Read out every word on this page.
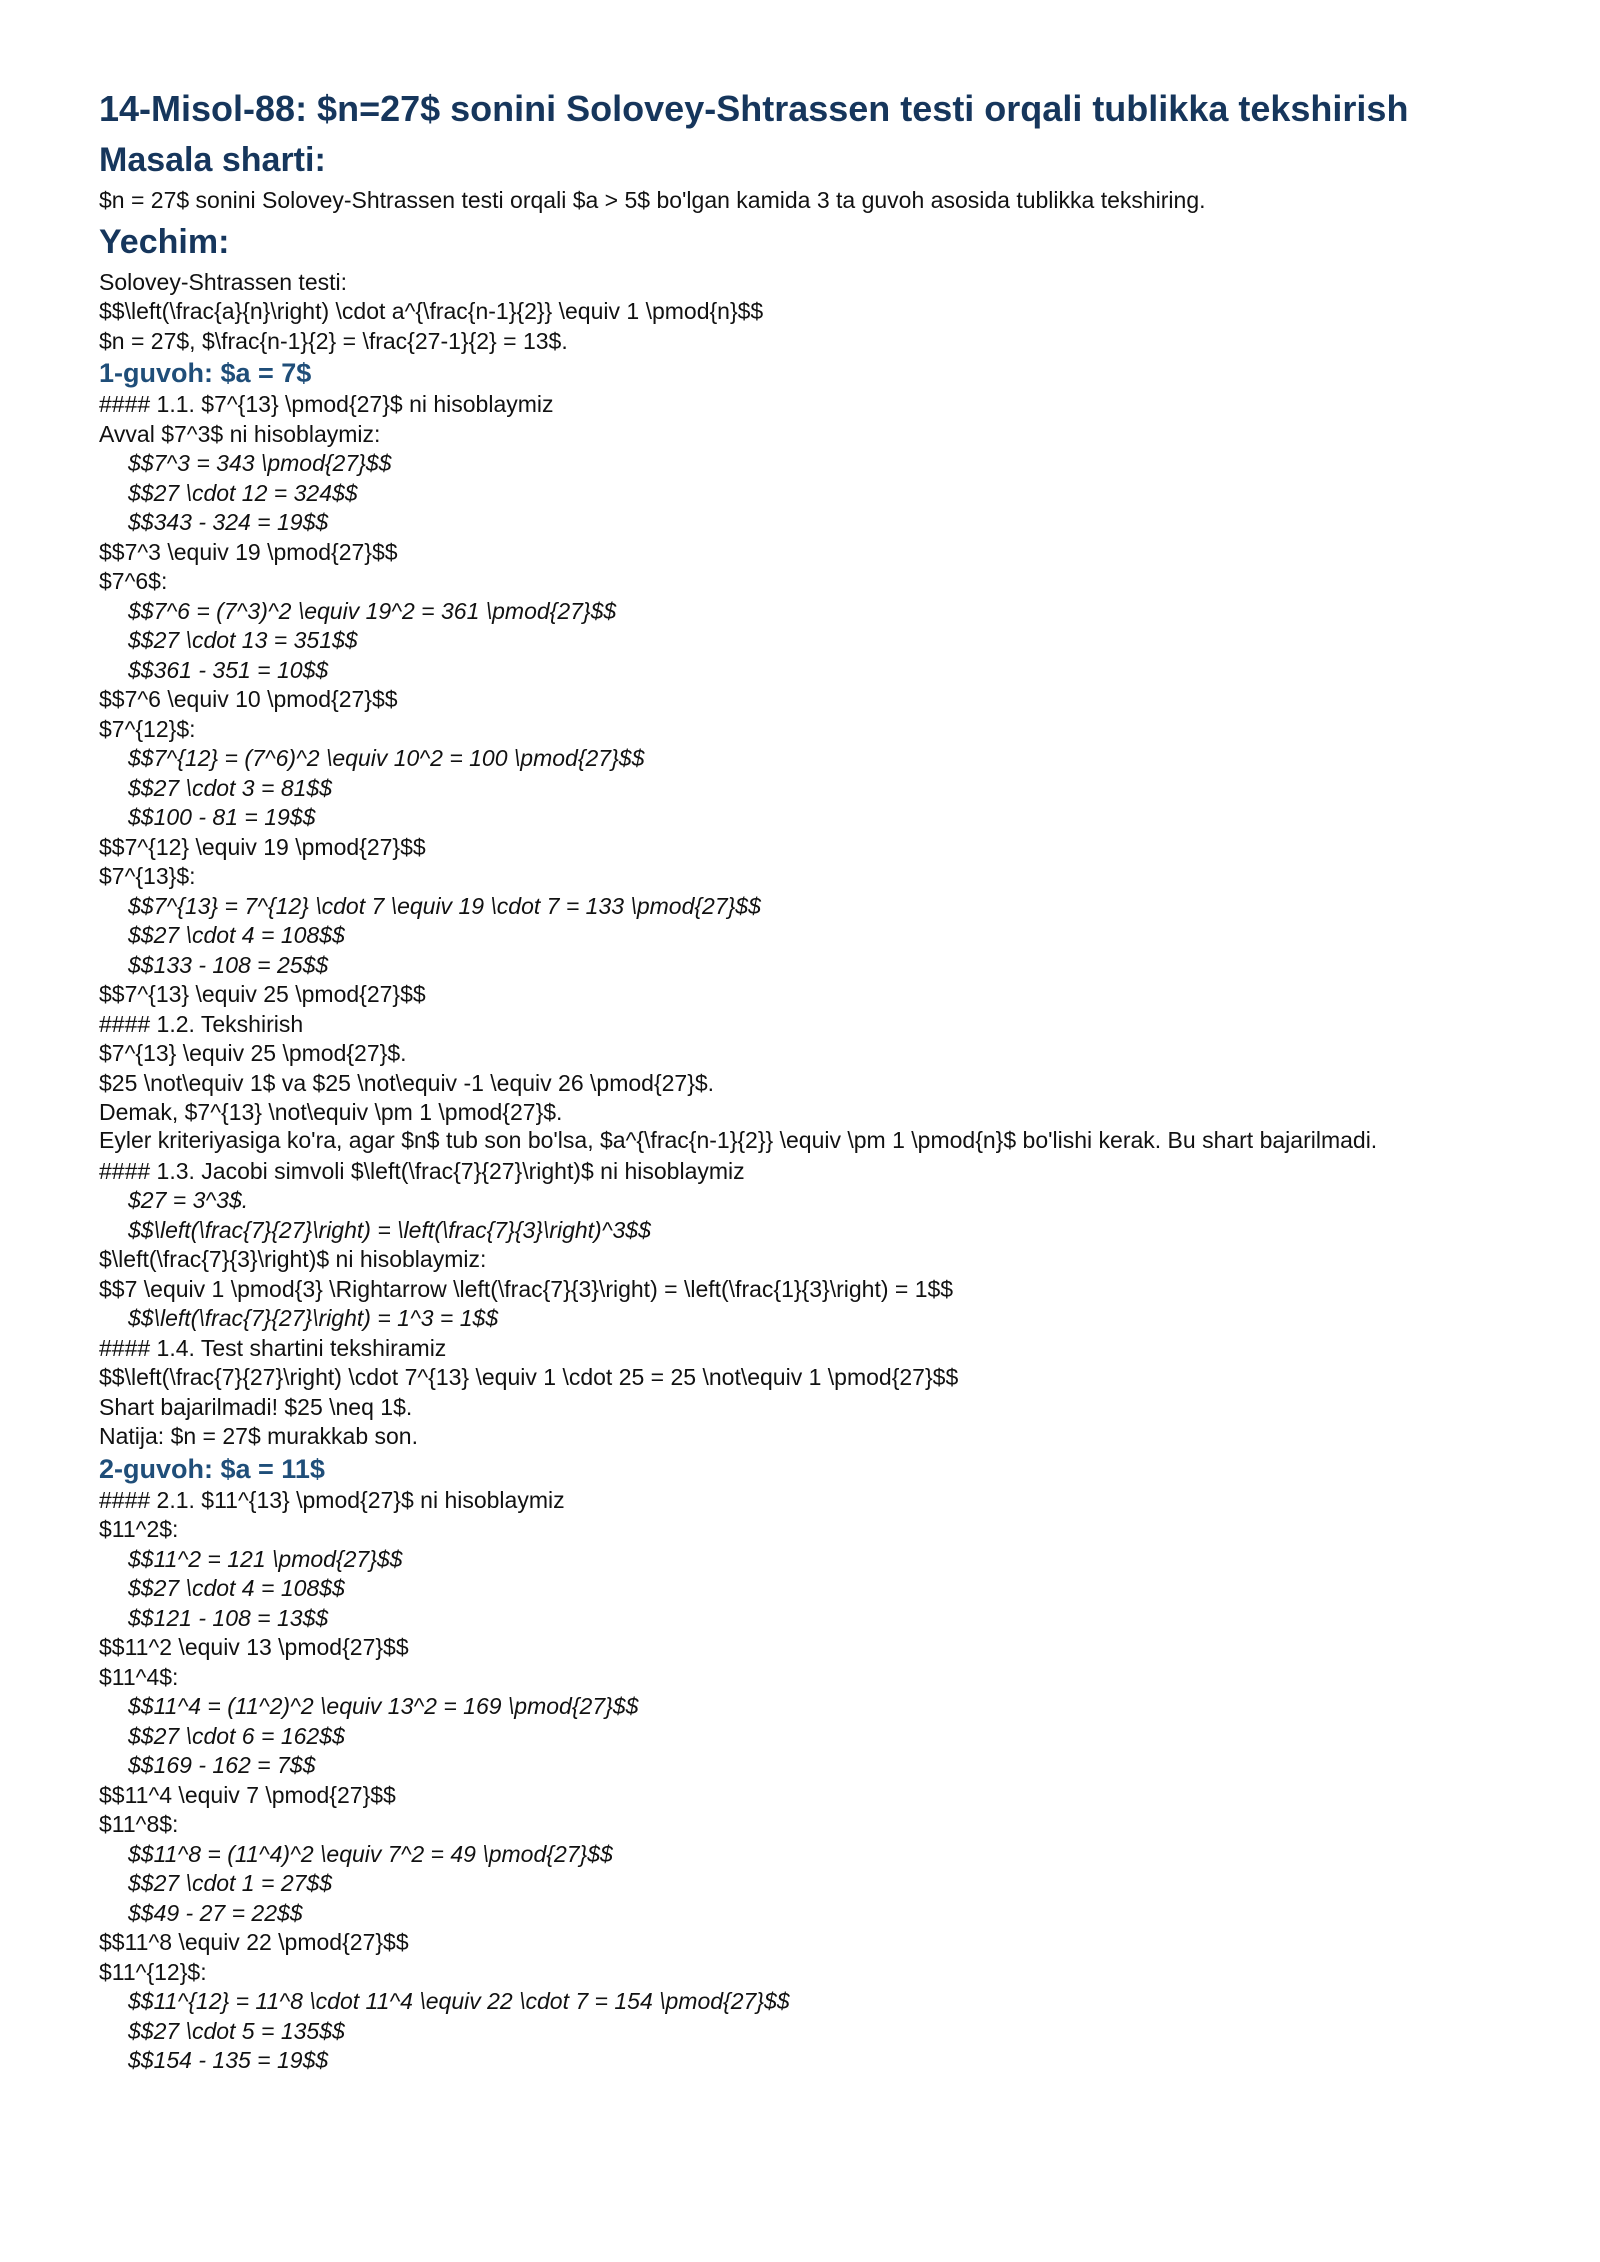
14-Misol-88: $n=27$ sonini Solovey-Shtrassen testi orqali tublikka tekshirish
Masala sharti:
$n = 27$ sonini Solovey-Shtrassen testi orqali $a > 5$ bo'lgan kamida 3 ta guvoh asosida tublikka tekshiring.
Yechim:
Solovey-Shtrassen testi:
$$\left(\frac{a}{n}\right) \cdot a^{\frac{n-1}{2}} \equiv 1 \pmod{n}$$
$n = 27$, $\frac{n-1}{2} = \frac{27-1}{2} = 13$.
1-guvoh: $a = 7$
#### 1.1. $7^{13} \pmod{27}$ ni hisoblaymiz
Avval $7^3$ ni hisoblaymiz:
$$7^3 = 343 \pmod{27}$$
$$27 \cdot 12 = 324$$
$$343 - 324 = 19$$
$$7^3 \equiv 19 \pmod{27}$$
$7^6$:
$$7^6 = (7^3)^2 \equiv 19^2 = 361 \pmod{27}$$
$$27 \cdot 13 = 351$$
$$361 - 351 = 10$$
$$7^6 \equiv 10 \pmod{27}$$
$7^{12}$:
$$7^{12} = (7^6)^2 \equiv 10^2 = 100 \pmod{27}$$
$$27 \cdot 3 = 81$$
$$100 - 81 = 19$$
$$7^{12} \equiv 19 \pmod{27}$$
$7^{13}$:
$$7^{13} = 7^{12} \cdot 7 \equiv 19 \cdot 7 = 133 \pmod{27}$$
$$27 \cdot 4 = 108$$
$$133 - 108 = 25$$
$$7^{13} \equiv 25 \pmod{27}$$
#### 1.2. Tekshirish
$7^{13} \equiv 25 \pmod{27}$.
$25 \not\equiv 1$ va $25 \not\equiv -1 \equiv 26 \pmod{27}$.
Demak, $7^{13} \not\equiv \pm 1 \pmod{27}$.
Eyler kriteriyasiga ko'ra, agar $n$ tub son bo'lsa, $a^{\frac{n-1}{2}} \equiv \pm 1 \pmod{n}$ bo'lishi kerak. Bu shart bajarilmadi.
#### 1.3. Jacobi simvoli $\left(\frac{7}{27}\right)$ ni hisoblaymiz
$27 = 3^3$.
$$\left(\frac{7}{27}\right) = \left(\frac{7}{3}\right)^3$$
$\left(\frac{7}{3}\right)$ ni hisoblaymiz:
$$7 \equiv 1 \pmod{3} \Rightarrow \left(\frac{7}{3}\right) = \left(\frac{1}{3}\right) = 1$$
$$\left(\frac{7}{27}\right) = 1^3 = 1$$
#### 1.4. Test shartini tekshiramiz
$$\left(\frac{7}{27}\right) \cdot 7^{13} \equiv 1 \cdot 25 = 25 \not\equiv 1 \pmod{27}$$
Shart bajarilmadi! $25 \neq 1$.
Natija: $n = 27$ murakkab son.
2-guvoh: $a = 11$
#### 2.1. $11^{13} \pmod{27}$ ni hisoblaymiz
$11^2$:
$$11^2 = 121 \pmod{27}$$
$$27 \cdot 4 = 108$$
$$121 - 108 = 13$$
$$11^2 \equiv 13 \pmod{27}$$
$11^4$:
$$11^4 = (11^2)^2 \equiv 13^2 = 169 \pmod{27}$$
$$27 \cdot 6 = 162$$
$$169 - 162 = 7$$
$$11^4 \equiv 7 \pmod{27}$$
$11^8$:
$$11^8 = (11^4)^2 \equiv 7^2 = 49 \pmod{27}$$
$$27 \cdot 1 = 27$$
$$49 - 27 = 22$$
$$11^8 \equiv 22 \pmod{27}$$
$11^{12}$:
$$11^{12} = 11^8 \cdot 11^4 \equiv 22 \cdot 7 = 154 \pmod{27}$$
$$27 \cdot 5 = 135$$
$$154 - 135 = 19$$
